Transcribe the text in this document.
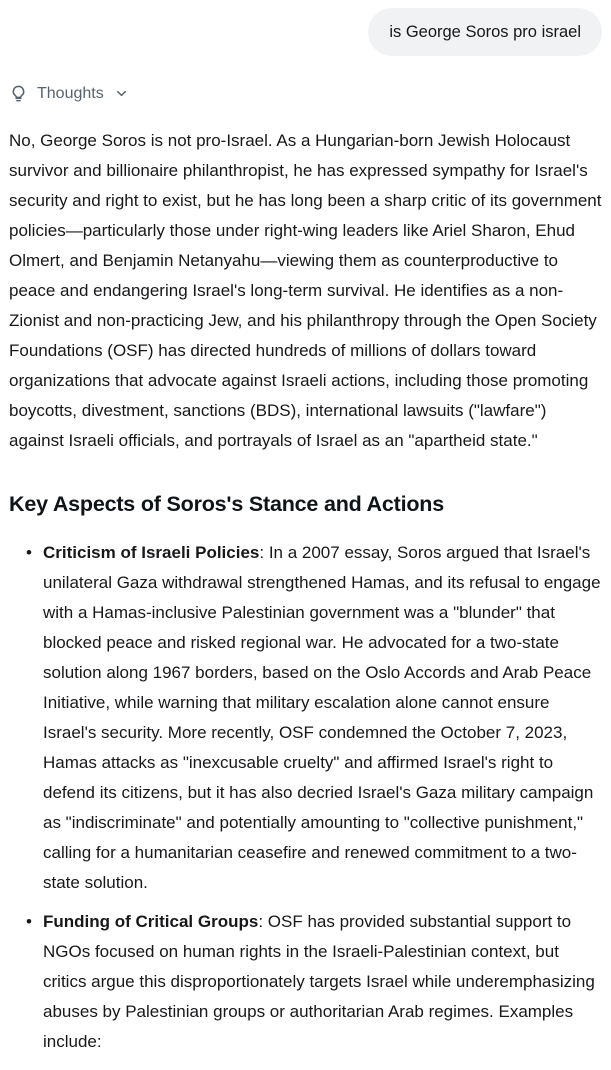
is George Soros pro israel
Thoughts

No, George Soros is not pro-Israel. As a Hungarian-born Jewish Holocaust survivor and billionaire philanthropist, he has expressed sympathy for Israel's security and right to exist, but he has long been a sharp critic of its government policies—particularly those under right-wing leaders like Ariel Sharon, Ehud Olmert, and Benjamin Netanyahu—viewing them as counterproductive to peace and endangering Israel's long-term survival. He identifies as a non-Zionist and non-practicing Jew, and his philanthropy through the Open Society Foundations (OSF) has directed hundreds of millions of dollars toward organizations that advocate against Israeli actions, including those promoting boycotts, divestment, sanctions (BDS), international lawsuits ("lawfare") against Israeli officials, and portrayals of Israel as an "apartheid state."

Key Aspects of Soros's Stance and Actions
• Criticism of Israeli Policies: In a 2007 essay, Soros argued that Israel's unilateral Gaza withdrawal strengthened Hamas, and its refusal to engage with a Hamas-inclusive Palestinian government was a "blunder" that blocked peace and risked regional war. He advocated for a two-state solution along 1967 borders, based on the Oslo Accords and Arab Peace Initiative, while warning that military escalation alone cannot ensure Israel's security. More recently, OSF condemned the October 7, 2023, Hamas attacks as "inexcusable cruelty" and affirmed Israel's right to defend its citizens, but it has also decried Israel's Gaza military campaign as "indiscriminate" and potentially amounting to "collective punishment," calling for a humanitarian ceasefire and renewed commitment to a two-state solution.
• Funding of Critical Groups: OSF has provided substantial support to NGOs focused on human rights in the Israeli-Palestinian context, but critics argue this disproportionately targets Israel while underemphasizing abuses by Palestinian groups or authoritarian Arab regimes. Examples include:
